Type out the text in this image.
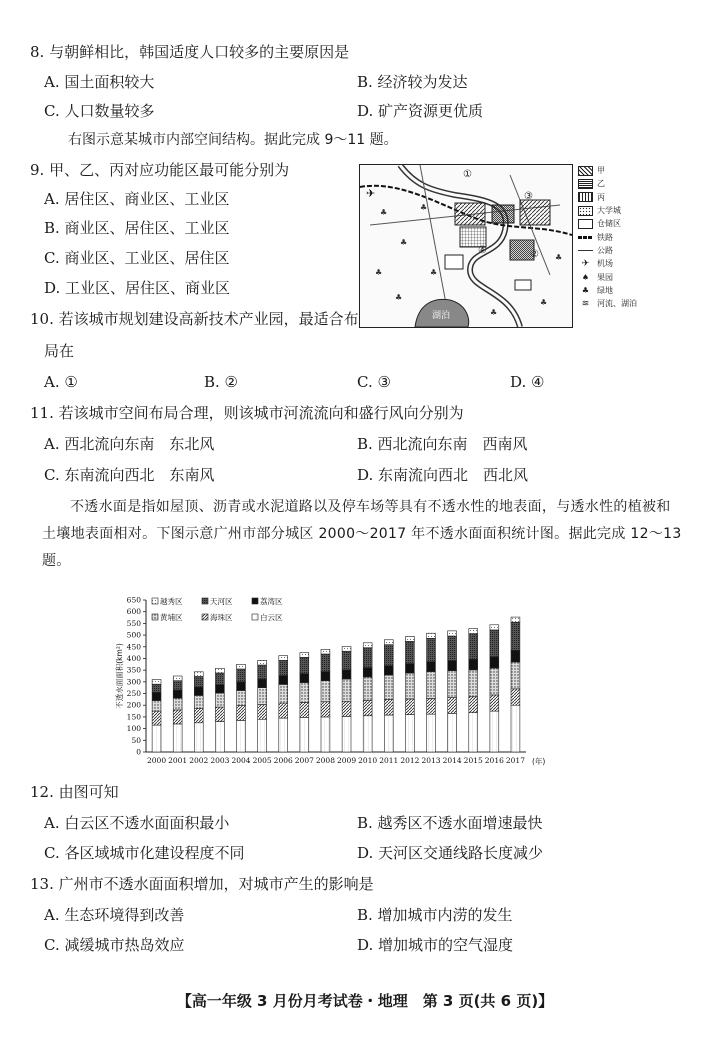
8. 与朝鲜相比，韩国适度人口较多的主要原因是
A. 国土面积较大	B. 经济较为发达
C. 人口数量较多	D. 矿产资源更优质
右图示意某城市内部空间结构。据此完成 9～11 题。
9. 甲、乙、丙对应功能区最可能分别为
A. 居住区、商业区、工业区
B. 商业区、居住区、工业区
C. 商业区、工业区、居住区
D. 工业区、居住区、商业区
♣
♣
♣
♣
♣
♣
♣
♣
♣
✈
①
②
③
④
湖泊
甲
乙
丙
大学城
仓储区
铁路
公路
✈ 机场
♠ 果园
♣ 绿地
≋ 河流、湖泊
10. 若该城市规划建设高新技术产业园，最适合布
局在
A. ①	B. ②	C. ③	D. ④
11. 若该城市空间布局合理，则该城市河流流向和盛行风向分别为
A. 西北流向东南　东北风	B. 西北流向东南　西南风
C. 东南流向西北　东南风	D. 东南流向西北　西北风
不透水面是指如屋顶、沥青或水泥道路以及停车场等具有不透水性的地表面，与透水性的植被和土壤地表面相对。下图示意广州市部分城区 2000～2017 年不透水面面积统计图。据此完成 12～13 题。
0
50
100
150
200
250
300
350
400
450
500
550
600
650
不透水面面积(km²)
(年)
2000 2001 2002 2003 2004 2005 2006 2007 2008 2009 2010 2011 2012 2013 2014 2015 2016 2017
越秀区	天河区	荔湾区
黄埔区	海珠区	白云区
12. 由图可知
A. 白云区不透水面面积最小	B. 越秀区不透水面增速最快
C. 各区域城市化建设程度不同	D. 天河区交通线路长度减少
13. 广州市不透水面面积增加，对城市产生的影响是
A. 生态环境得到改善	B. 增加城市内涝的发生
C. 减缓城市热岛效应	D. 增加城市的空气湿度
【高一年级 3 月份月考试卷・地理　第 3 页(共 6 页)】
